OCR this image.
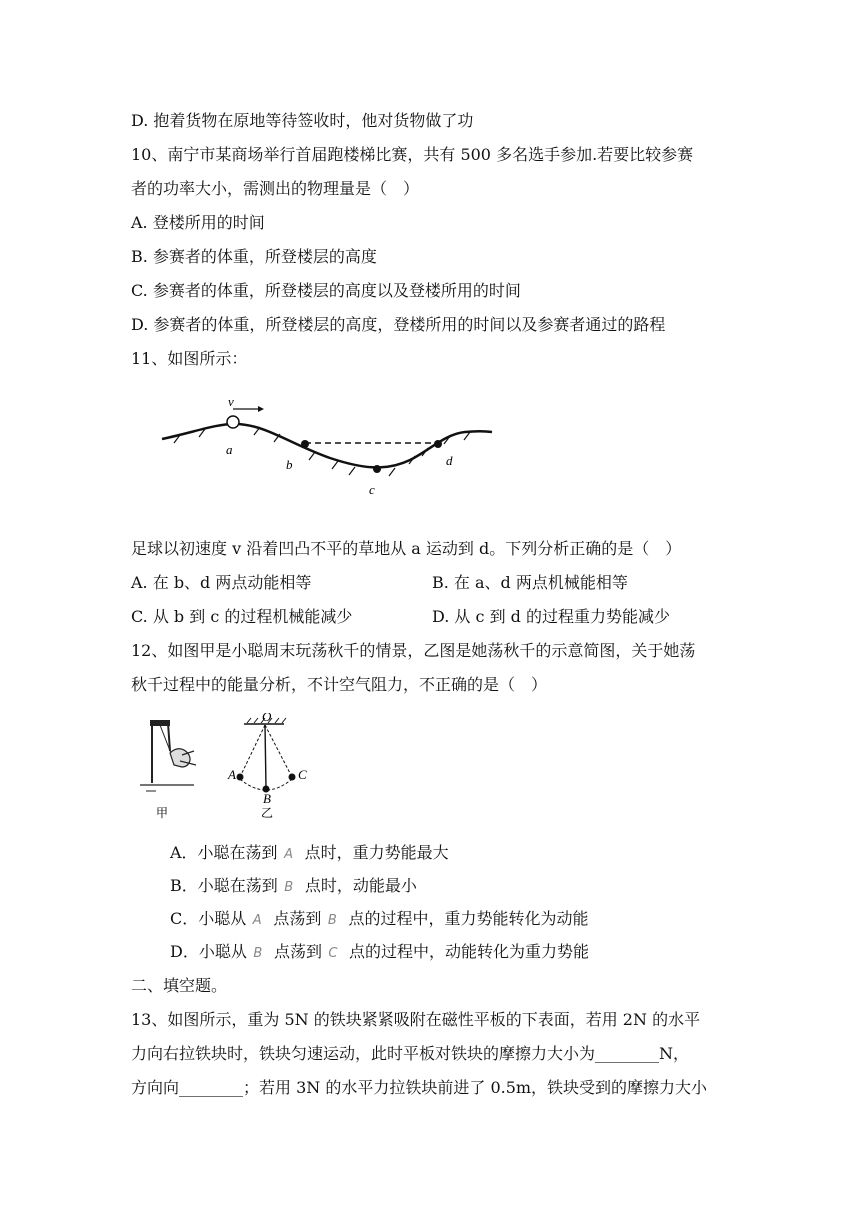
D. 抱着货物在原地等待签收时，他对货物做了功
10、南宁市某商场举行首届跑楼梯比赛，共有 500 多名选手参加.若要比较参赛
者的功率大小，需测出的物理量是（　）
A. 登楼所用的时间
B. 参赛者的体重，所登楼层的高度
C. 参赛者的体重，所登楼层的高度以及登楼所用的时间
D. 参赛者的体重，所登楼层的高度，登楼所用的时间以及参赛者通过的路程
11、如图所示：
v
a
b
c
d
足球以初速度 v 沿着凹凸不平的草地从 a 运动到 d。下列分析正确的是（　）
A. 在 b、d 两点动能相等	B. 在 a、d 两点机械能相等
C. 从 b 到 c 的过程机械能减少	D. 从 c 到 d 的过程重力势能减少
12、如图甲是小聪周末玩荡秋千的情景，乙图是她荡秋千的示意简图，关于她荡
秋千过程中的能量分析，不计空气阻力，不正确的是（　）
甲
O
A
B
C
乙
A．小聪在荡到 A 点时，重力势能最大
B．小聪在荡到 B 点时，动能最小
C．小聪从 A 点荡到 B 点的过程中，重力势能转化为动能
D．小聪从 B 点荡到 C 点的过程中，动能转化为重力势能
二、填空题。
13、如图所示，重为 5N 的铁块紧紧吸附在磁性平板的下表面，若用 2N 的水平
力向右拉铁块时，铁块匀速运动，此时平板对铁块的摩擦力大小为________N，
方向向________；若用 3N 的水平力拉铁块前进了 0.5m，铁块受到的摩擦力大小
